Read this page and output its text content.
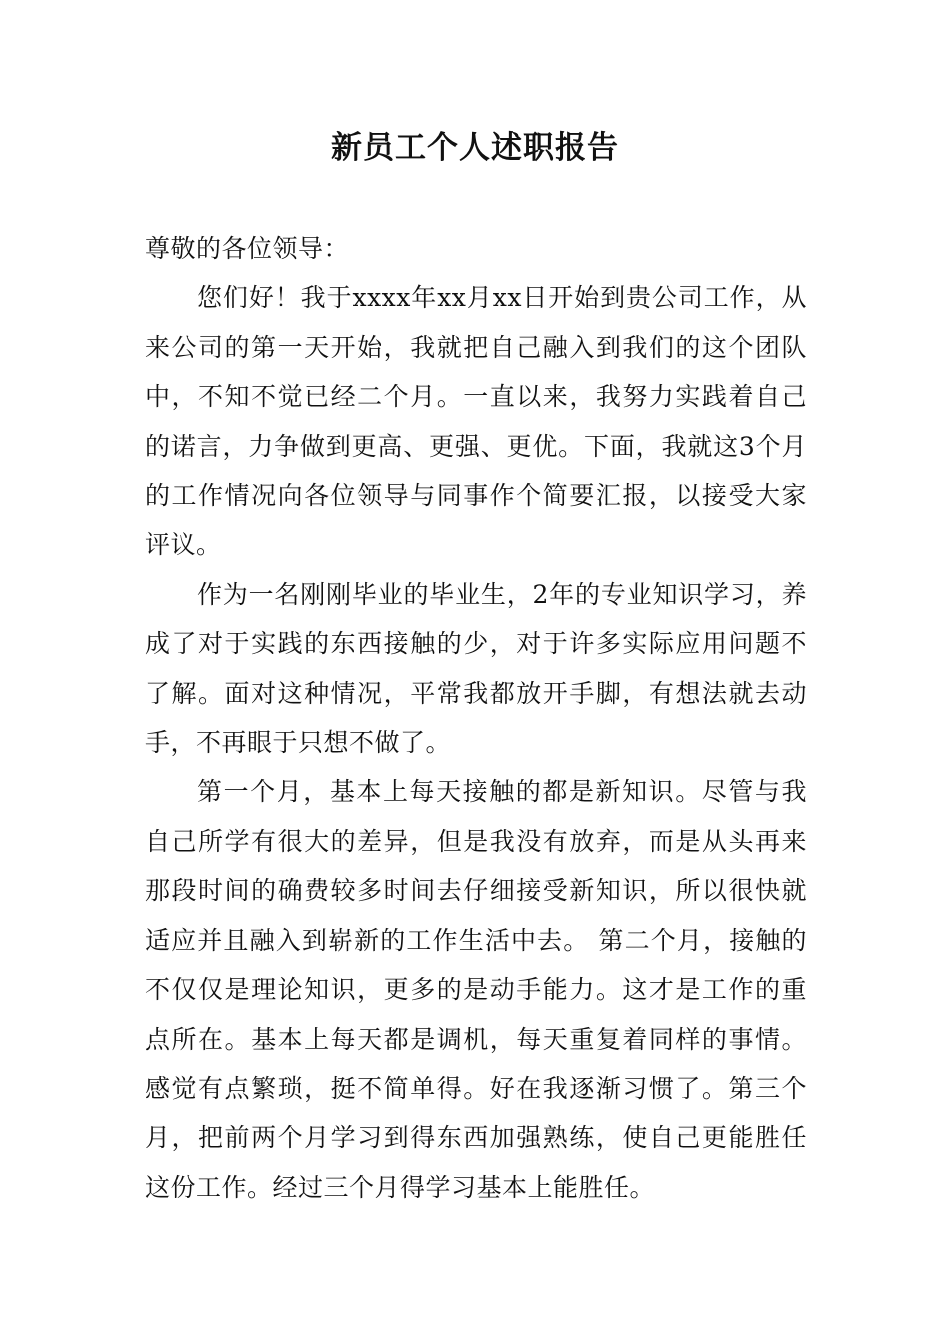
新员工个人述职报告

尊敬的各位领导：

您们好！我于xxxx年xx月xx日开始到贵公司工作，从来公司的第一天开始，我就把自己融入到我们的这个团队中，不知不觉已经二个月。一直以来，我努力实践着自己的诺言，力争做到更高、更强、更优。下面，我就这3个月的工作情况向各位领导与同事作个简要汇报，以接受大家评议。

作为一名刚刚毕业的毕业生，2年的专业知识学习，养成了对于实践的东西接触的少，对于许多实际应用问题不了解。面对这种情况，平常我都放开手脚，有想法就去动手，不再眼于只想不做了。

第一个月，基本上每天接触的都是新知识。尽管与我自己所学有很大的差异，但是我没有放弃，而是从头再来那段时间的确费较多时间去仔细接受新知识，所以很快就适应并且融入到崭新的工作生活中去。 第二个月，接触的不仅仅是理论知识，更多的是动手能力。这才是工作的重点所在。基本上每天都是调机，每天重复着同样的事情。感觉有点繁琐，挺不简单得。好在我逐渐习惯了。第三个月，把前两个月学习到得东西加强熟练，使自己更能胜任这份工作。经过三个月得学习基本上能胜任。
